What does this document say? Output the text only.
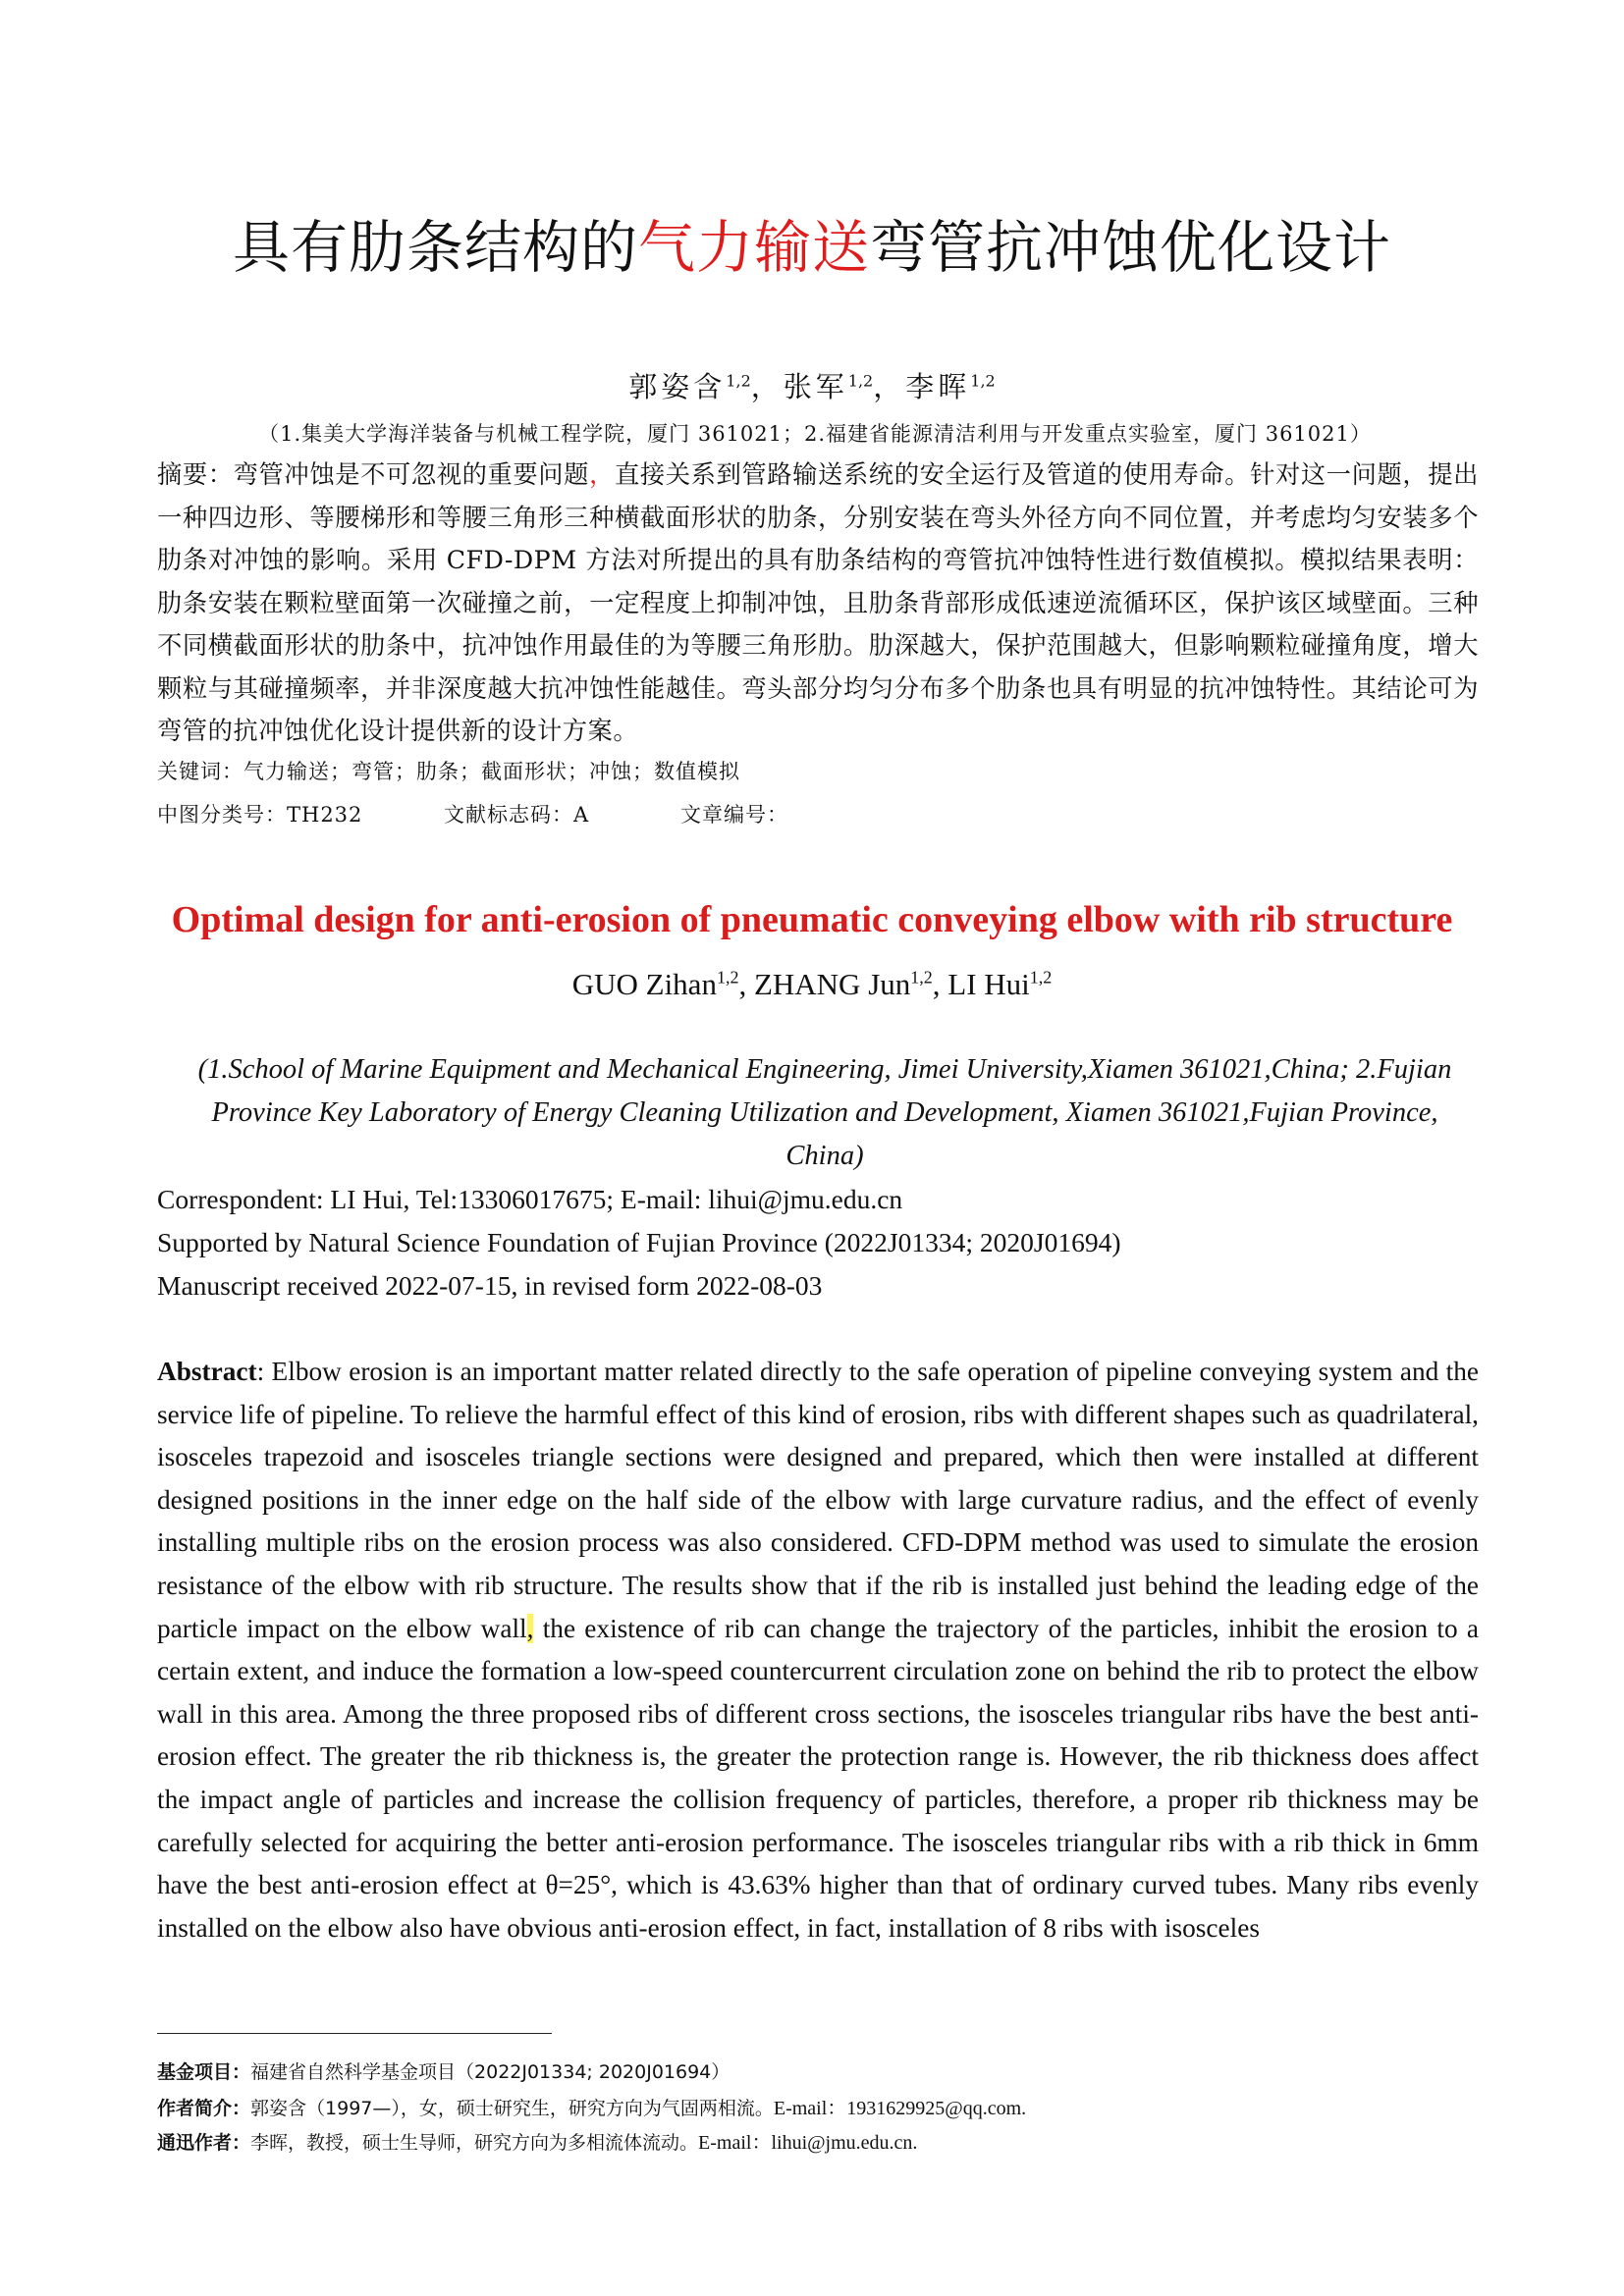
具有肋条结构的气力输送弯管抗冲蚀优化设计
郭姿含$^{1,2}$，张军$^{1,2}$，李晖$^{1,2}$
（1.集美大学海洋装备与机械工程学院，厦门 361021；2.福建省能源清洁利用与开发重点实验室，厦门 361021）
摘要：弯管冲蚀是不可忽视的重要问题，直接关系到管路输送系统的安全运行及管道的使用寿命。针对这一问题，提出一种四边形、等腰梯形和等腰三角形三种横截面形状的肋条，分别安装在弯头外径方向不同位置，并考虑均匀安装多个肋条对冲蚀的影响。采用 CFD-DPM 方法对所提出的具有肋条结构的弯管抗冲蚀特性进行数值模拟。模拟结果表明：肋条安装在颗粒壁面第一次碰撞之前，一定程度上抑制冲蚀，且肋条背部形成低速逆流循环区，保护该区域壁面。三种不同横截面形状的肋条中，抗冲蚀作用最佳的为等腰三角形肋。肋深越大，保护范围越大，但影响颗粒碰撞角度，增大颗粒与其碰撞频率，并非深度越大抗冲蚀性能越佳。弯头部分均匀分布多个肋条也具有明显的抗冲蚀特性。其结论可为弯管的抗冲蚀优化设计提供新的设计方案。
关键词：气力输送；弯管；肋条；截面形状；冲蚀；数值模拟
中图分类号：TH232	文献标志码：A	文章编号：
Optimal design for anti-erosion of pneumatic conveying elbow with rib structure
GUO Zihan$^{1,2}$, ZHANG Jun$^{1,2}$, LI Hui$^{1,2}$
(1.School of Marine Equipment and Mechanical Engineering, Jimei University,Xiamen 361021,China; 2.Fujian Province Key Laboratory of Energy Cleaning Utilization and Development, Xiamen 361021,Fujian Province, China)
Correspondent: LI Hui, Tel:13306017675; E-mail: lihui@jmu.edu.cn
Supported by Natural Science Foundation of Fujian Province (2022J01334; 2020J01694)
Manuscript received 2022-07-15, in revised form 2022-08-03
Abstract: Elbow erosion is an important matter related directly to the safe operation of pipeline conveying system and the service life of pipeline. To relieve the harmful effect of this kind of erosion, ribs with different shapes such as quadrilateral, isosceles trapezoid and isosceles triangle sections were designed and prepared, which then were installed at different designed positions in the inner edge on the half side of the elbow with large curvature radius, and the effect of evenly installing multiple ribs on the erosion process was also considered. CFD-DPM method was used to simulate the erosion resistance of the elbow with rib structure. The results show that if the rib is installed just behind the leading edge of the particle impact on the elbow wall, the existence of rib can change the trajectory of the particles, inhibit the erosion to a certain extent, and induce the formation a low-speed countercurrent circulation zone on behind the rib to protect the elbow wall in this area. Among the three proposed ribs of different cross sections, the isosceles triangular ribs have the best anti-erosion effect. The greater the rib thickness is, the greater the protection range is. However, the rib thickness does affect the impact angle of particles and increase the collision frequency of particles, therefore, a proper rib thickness may be carefully selected for acquiring the better anti-erosion performance. The isosceles triangular ribs with a rib thick in 6mm have the best anti-erosion effect at θ=25°, which is 43.63% higher than that of ordinary curved tubes. Many ribs evenly installed on the elbow also have obvious anti-erosion effect, in fact, installation of 8 ribs with isosceles
基金项目：福建省自然科学基金项目（2022J01334; 2020J01694）
作者简介：郭姿含（1997—），女，硕士研究生，研究方向为气固两相流。E-mail：1931629925@qq.com.
通迅作者：李晖，教授，硕士生导师，研究方向为多相流体流动。E-mail：lihui@jmu.edu.cn.
